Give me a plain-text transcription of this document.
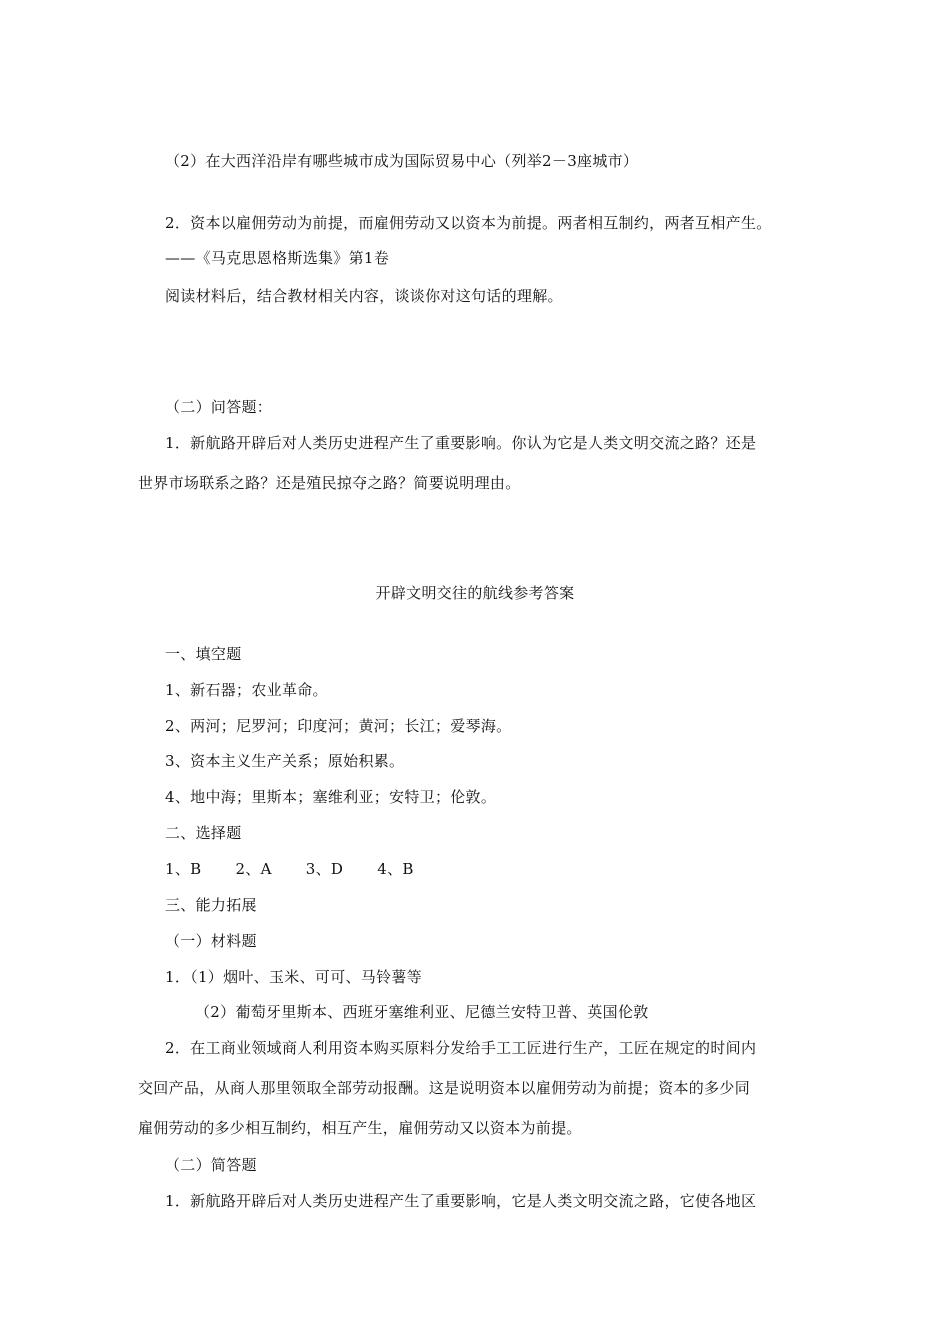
（2）在大西洋沿岸有哪些城市成为国际贸易中心（列举2－3座城市）
2．资本以雇佣劳动为前提，而雇佣劳动又以资本为前提。两者相互制约，两者互相产生。
——《马克思恩格斯选集》第1卷
阅读材料后，结合教材相关内容，谈谈你对这句话的理解。
（二）问答题：
1．新航路开辟后对人类历史进程产生了重要影响。你认为它是人类文明交流之路？还是
世界市场联系之路？还是殖民掠夺之路？简要说明理由。
开辟文明交往的航线参考答案
一、填空题
1、新石器；农业革命。
2、两河；尼罗河；印度河；黄河；长江；爱琴海。
3、资本主义生产关系；原始积累。
4、地中海；里斯本；塞维利亚；安特卫；伦敦。
二、选择题
1、B 2、A 3、D 4、B
三、能力拓展
（一）材料题
1．（1）烟叶、玉米、可可、马铃薯等
（2）葡萄牙里斯本、西班牙塞维利亚、尼德兰安特卫普、英国伦敦
2．在工商业领域商人利用资本购买原料分发给手工工匠进行生产，工匠在规定的时间内
交回产品，从商人那里领取全部劳动报酬。这是说明资本以雇佣劳动为前提；资本的多少同
雇佣劳动的多少相互制约，相互产生，雇佣劳动又以资本为前提。
（二）简答题
1．新航路开辟后对人类历史进程产生了重要影响，它是人类文明交流之路，它使各地区
